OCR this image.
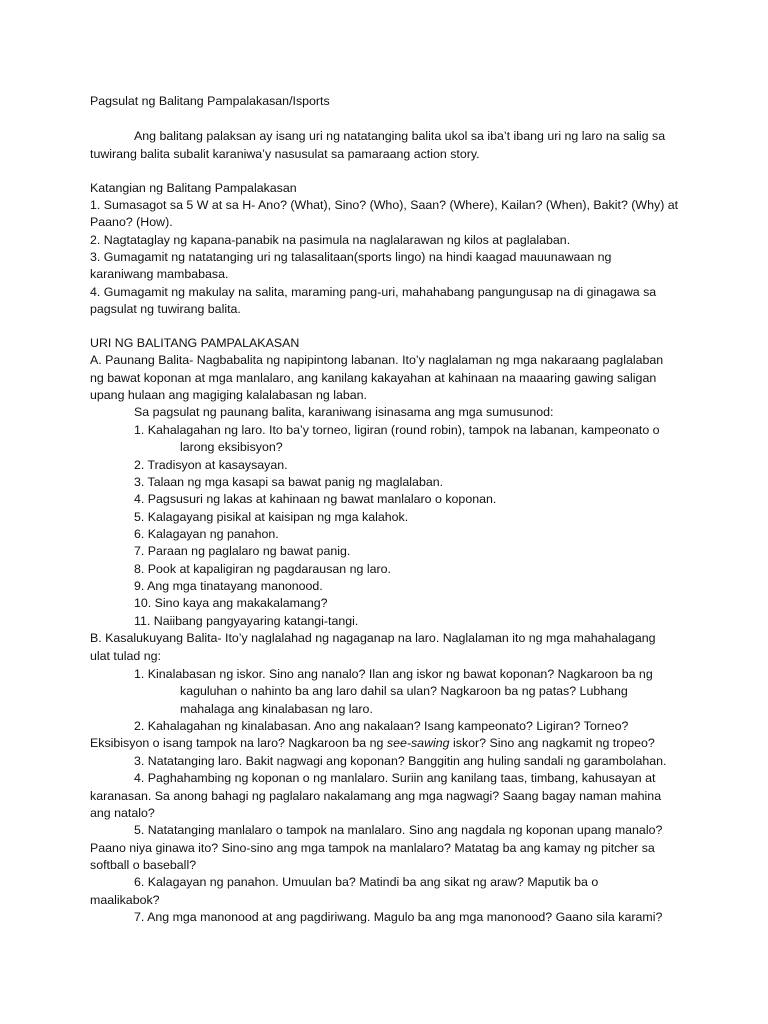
Pagsulat ng Balitang Pampalakasan/Isports
Ang balitang palaksan ay isang uri ng natatanging balita ukol sa iba’t ibang uri ng laro na salig sa
tuwirang balita subalit karaniwa’y nasusulat sa pamaraang action story.
Katangian ng Balitang Pampalakasan
1. Sumasagot sa 5 W at sa H- Ano? (What), Sino? (Who), Saan? (Where), Kailan? (When), Bakit? (Why) at
Paano? (How).
2. Nagtataglay ng kapana-panabik na pasimula na naglalarawan ng kilos at paglalaban.
3. Gumagamit ng natatanging uri ng talasalitaan(sports lingo) na hindi kaagad mauunawaan ng
karaniwang mambabasa.
4. Gumagamit ng makulay na salita, maraming pang-uri, mahahabang pangungusap na di ginagawa sa
pagsulat ng tuwirang balita.
URI NG BALITANG PAMPALAKASAN
A. Paunang Balita- Nagbabalita ng napipintong labanan. Ito’y naglalaman ng mga nakaraang paglalaban
ng bawat koponan at mga manlalaro, ang kanilang kakayahan at kahinaan na maaaring gawing saligan
upang hulaan ang magiging kalalabasan ng laban.
Sa pagsulat ng paunang balita, karaniwang isinasama ang mga sumusunod:
1. Kahalagahan ng laro. Ito ba’y torneo, ligiran (round robin), tampok na labanan, kampeonato o
larong eksibisyon?
2. Tradisyon at kasaysayan.
3. Talaan ng mga kasapi sa bawat panig ng maglalaban.
4. Pagsusuri ng lakas at kahinaan ng bawat manlalaro o koponan.
5. Kalagayang pisikal at kaisipan ng mga kalahok.
6. Kalagayan ng panahon.
7. Paraan ng paglalaro ng bawat panig.
8. Pook at kapaligiran ng pagdarausan ng laro.
9. Ang mga tinatayang manonood.
10. Sino kaya ang makakalamang?
11. Naiibang pangyayaring katangi-tangi.
B. Kasalukuyang Balita- Ito’y naglalahad ng nagaganap na laro. Naglalaman ito ng mga mahahalagang
ulat tulad ng:
1. Kinalabasan ng iskor. Sino ang nanalo? Ilan ang iskor ng bawat koponan? Nagkaroon ba ng
kaguluhan o nahinto ba ang laro dahil sa ulan? Nagkaroon ba ng patas? Lubhang
mahalaga ang kinalabasan ng laro.
2. Kahalagahan ng kinalabasan. Ano ang nakalaan? Isang kampeonato? Ligiran? Torneo?
Eksibisyon o isang tampok na laro? Nagkaroon ba ng see-sawing iskor? Sino ang nagkamit ng tropeo?
3. Natatanging laro. Bakit nagwagi ang koponan? Banggitin ang huling sandali ng garambolahan.
4. Paghahambing ng koponan o ng manlalaro. Suriin ang kanilang taas, timbang, kahusayan at
karanasan. Sa anong bahagi ng paglalaro nakalamang ang mga nagwagi? Saang bagay naman mahina
ang natalo?
5. Natatanging manlalaro o tampok na manlalaro. Sino ang nagdala ng koponan upang manalo?
Paano niya ginawa ito? Sino-sino ang mga tampok na manlalaro? Matatag ba ang kamay ng pitcher sa
softball o baseball?
6. Kalagayan ng panahon. Umuulan ba? Matindi ba ang sikat ng araw? Maputik ba o
maalikabok?
7. Ang mga manonood at ang pagdiriwang. Magulo ba ang mga manonood? Gaano sila karami?
